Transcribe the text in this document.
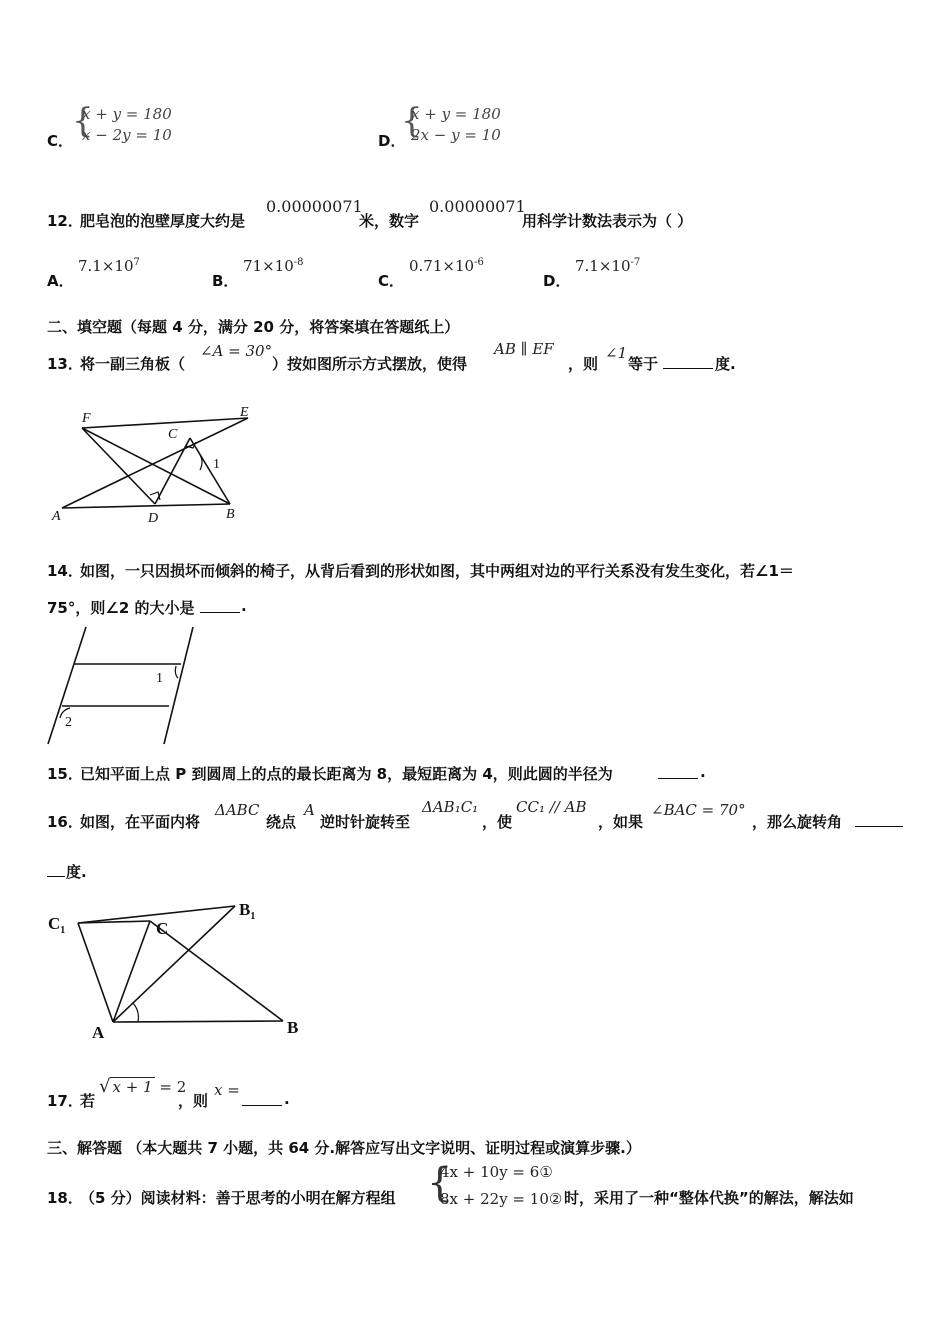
C．
{
x + y = 180
x − 2y = 10	D．
{
x + y = 180
2x − y = 10
12．
肥皂泡的泡壁厚度大约是
0.00000071
米，数字
0.00000071
用科学计数法表示为（ ）
A．
$7.1\times 10^7$
B．
$71\times 10^{-8}$
C．
$0.71\times 10^{-6}$
D．
$7.1\times 10^{-7}$
二、填空题（每题 4 分，满分 20 分，将答案填在答题纸上）
13．
将一副三角板（
∠A = 30°
）按如图所示方式摆放，使得
AB ∥ EF
，则
∠1
等于	度.
F	E
C
1
A	D	B
14．
如图，一只因损坏而倾斜的椅子，从背后看到的形状如图，其中两组对边的平行关系没有发生变化，若∠1＝
75°，则∠2 的大小是	.
1
2
15．
已知平面上点 P 到圆周上的点的最长距离为 8，最短距离为 4，则此圆的半径为	.
16．
如图，在平面内将
ΔABC
绕点
A
逆时针旋转至
ΔAB₁C₁
，使
CC₁ // AB
，如果
∠BAC = 70°
，那么旋转角
度.
$C_1$	C
$B_1$
A	B
17．
若
√ x + 1 = 2
，则
x =	.
三、解答题 （本大题共 7 小题，共 64 分.解答应写出文字说明、证明过程或演算步骤.）
18．
（5 分）阅读材料：善于思考的小明在解方程组 {
4x + 10y = 6①
8x + 22y = 10② 时，采用了一种“整体代换”的解法，解法如
